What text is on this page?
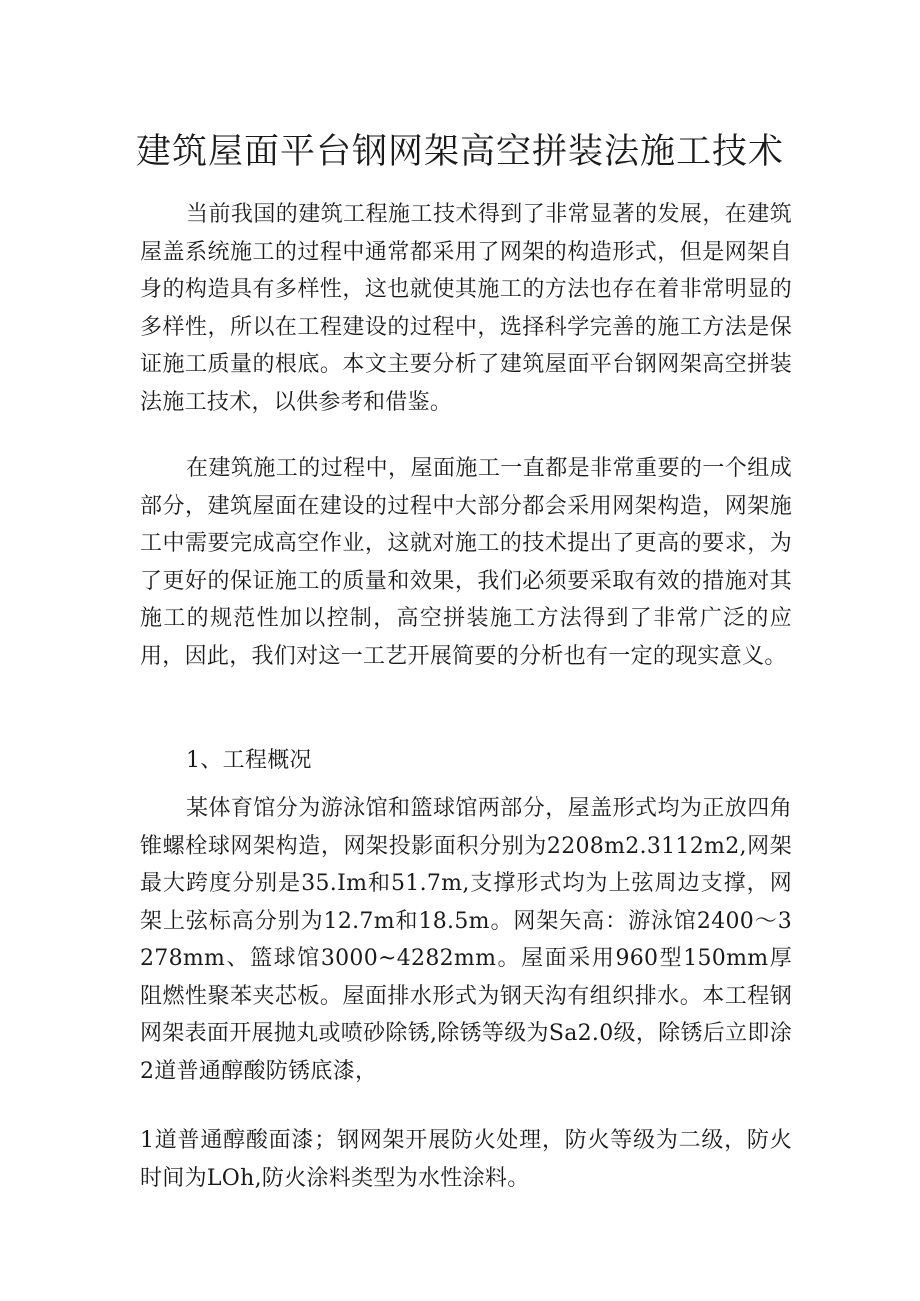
建筑屋面平台钢网架高空拼装法施工技术

当前我国的建筑工程施工技术得到了非常显著的发展，在建筑屋盖系统施工的过程中通常都采用了网架的构造形式，但是网架自身的构造具有多样性，这也就使其施工的方法也存在着非常明显的多样性，所以在工程建设的过程中，选择科学完善的施工方法是保证施工质量的根底。本文主要分析了建筑屋面平台钢网架高空拼装法施工技术，以供参考和借鉴。

在建筑施工的过程中，屋面施工一直都是非常重要的一个组成部分，建筑屋面在建设的过程中大部分都会采用网架构造，网架施工中需要完成高空作业，这就对施工的技术提出了更高的要求，为了更好的保证施工的质量和效果，我们必须要采取有效的措施对其施工的规范性加以控制，高空拼装施工方法得到了非常广泛的应用，因此，我们对这一工艺开展简要的分析也有一定的现实意义。

1、工程概况

某体育馆分为游泳馆和篮球馆两部分，屋盖形式均为正放四角锥螺栓球网架构造，网架投影面积分别为2208m2.3112m2,网架最大跨度分别是35.Im和51.7m,支撑形式均为上弦周边支撑，网架上弦标高分别为12.7m和18.5m。网架矢高：游泳馆2400～3278mm、篮球馆3000~4282mm。屋面采用960型150mm厚阻燃性聚苯夹芯板。屋面排水形式为钢天沟有组织排水。本工程钢网架表面开展抛丸或喷砂除锈,除锈等级为Sa2.0级，除锈后立即涂2道普通醇酸防锈底漆，

1道普通醇酸面漆；钢网架开展防火处理，防火等级为二级，防火时间为LOh,防火涂料类型为水性涂料。
